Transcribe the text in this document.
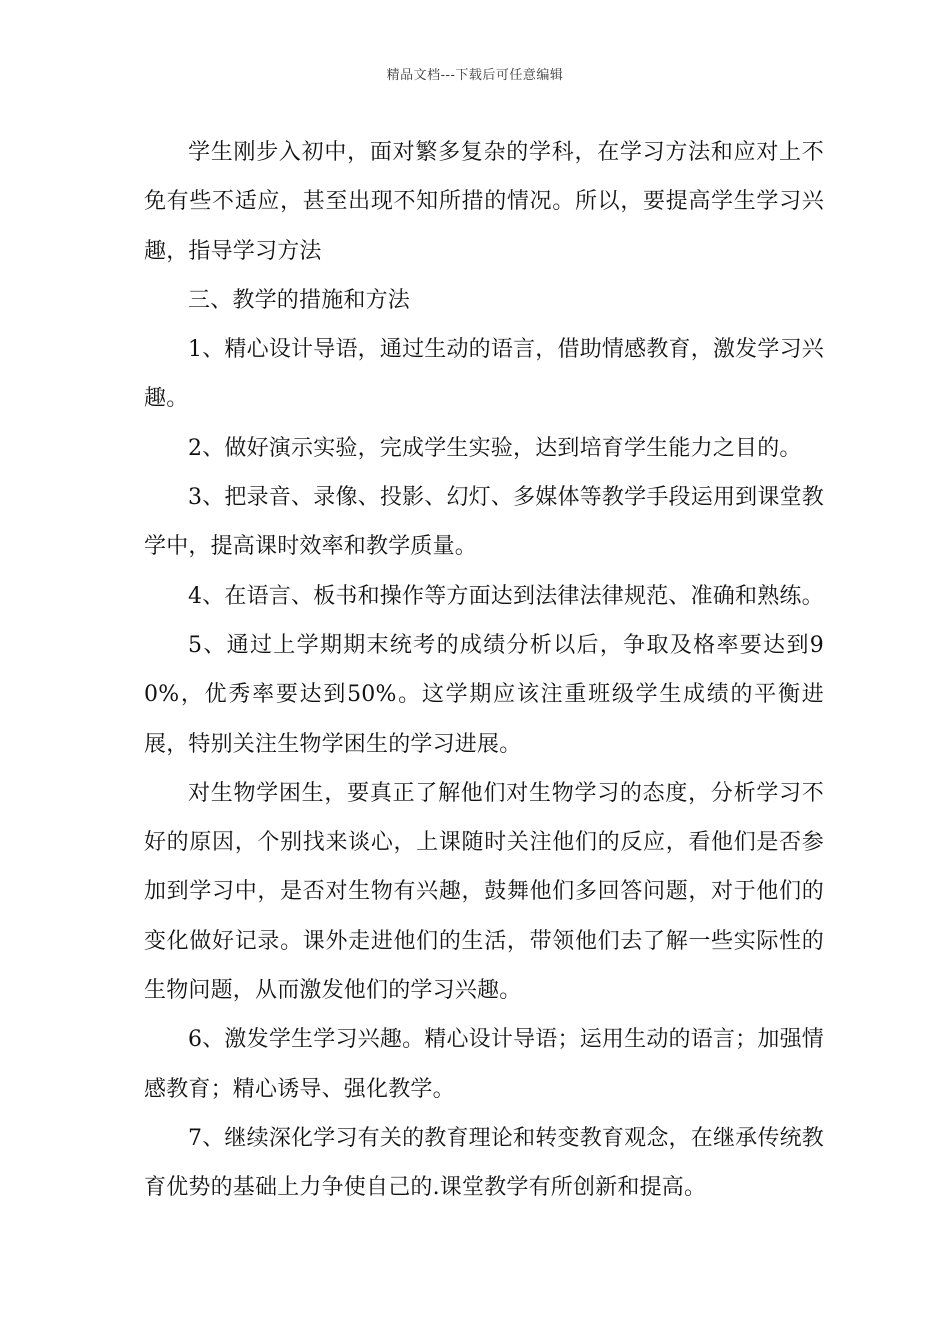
精品文档---下载后可任意编辑

学生刚步入初中，面对繁多复杂的学科，在学习方法和应对上不免有些不适应，甚至出现不知所措的情况。所以，要提高学生学习兴趣，指导学习方法

三、教学的措施和方法

1、精心设计导语，通过生动的语言，借助情感教育，激发学习兴趣。

2、做好演示实验，完成学生实验，达到培育学生能力之目的。

3、把录音、录像、投影、幻灯、多媒体等教学手段运用到课堂教学中，提高课时效率和教学质量。

4、在语言、板书和操作等方面达到法律法律规范、准确和熟练。

5、通过上学期期末统考的成绩分析以后，争取及格率要达到90%，优秀率要达到50%。这学期应该注重班级学生成绩的平衡进展，特别关注生物学困生的学习进展。

对生物学困生，要真正了解他们对生物学习的态度，分析学习不好的原因，个别找来谈心，上课随时关注他们的反应，看他们是否参加到学习中，是否对生物有兴趣，鼓舞他们多回答问题，对于他们的变化做好记录。课外走进他们的生活，带领他们去了解一些实际性的生物问题，从而激发他们的学习兴趣。

6、激发学生学习兴趣。精心设计导语；运用生动的语言；加强情感教育；精心诱导、强化教学。

7、继续深化学习有关的教育理论和转变教育观念，在继承传统教育优势的基础上力争使自己的.课堂教学有所创新和提高。
